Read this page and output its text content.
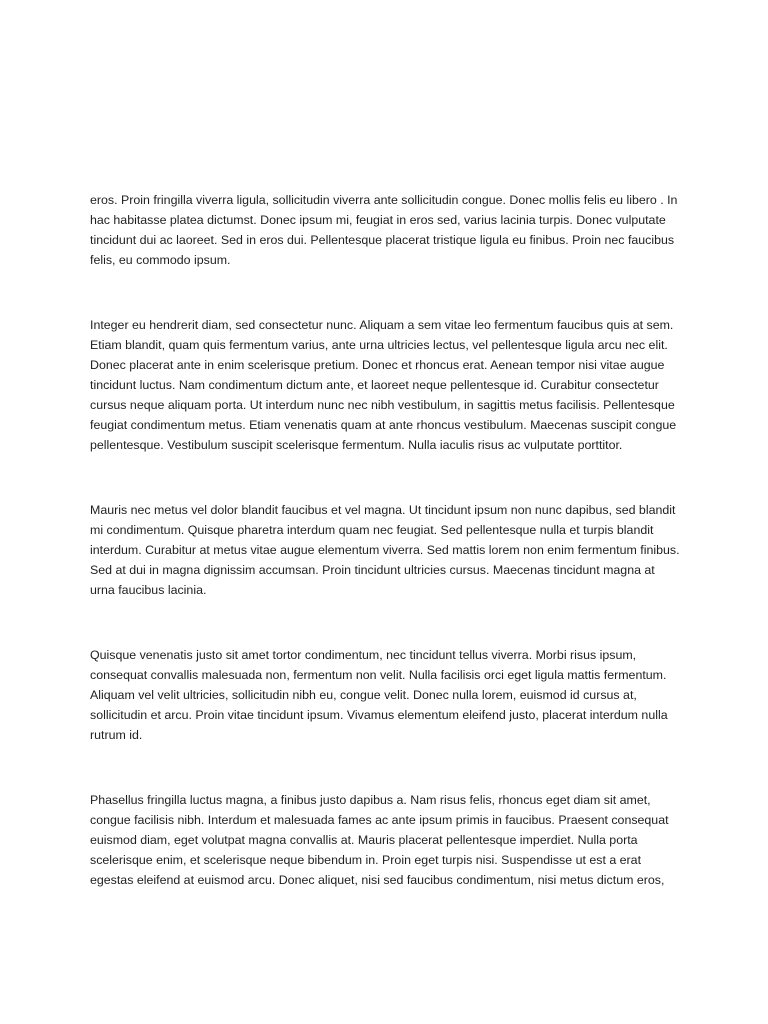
eros. Proin fringilla viverra ligula, sollicitudin viverra ante sollicitudin congue. Donec mollis felis eu libero . In hac habitasse platea dictumst. Donec ipsum mi, feugiat in eros sed, varius lacinia turpis. Donec vulputate tincidunt dui ac laoreet. Sed in eros dui. Pellentesque placerat tristique ligula eu finibus. Proin nec faucibus felis, eu commodo ipsum.

Integer eu hendrerit diam, sed consectetur nunc. Aliquam a sem vitae leo fermentum faucibus quis at sem. Etiam blandit, quam quis fermentum varius, ante urna ultricies lectus, vel pellentesque ligula arcu nec elit. Donec placerat ante in enim scelerisque pretium. Donec et rhoncus erat. Aenean tempor nisi vitae augue tincidunt luctus. Nam condimentum dictum ante, et laoreet neque pellentesque id. Curabitur consectetur cursus neque aliquam porta. Ut interdum nunc nec nibh vestibulum, in sagittis metus facilisis. Pellentesque feugiat condimentum metus. Etiam venenatis quam at ante rhoncus vestibulum. Maecenas suscipit congue pellentesque. Vestibulum suscipit scelerisque fermentum. Nulla iaculis risus ac vulputate porttitor.

Mauris nec metus vel dolor blandit faucibus et vel magna. Ut tincidunt ipsum non nunc dapibus, sed blandit mi condimentum. Quisque pharetra interdum quam nec feugiat. Sed pellentesque nulla et turpis blandit interdum. Curabitur at metus vitae augue elementum viverra. Sed mattis lorem non enim fermentum finibus. Sed at dui in magna dignissim accumsan. Proin tincidunt ultricies cursus. Maecenas tincidunt magna at urna faucibus lacinia.

Quisque venenatis justo sit amet tortor condimentum, nec tincidunt tellus viverra. Morbi risus ipsum, consequat convallis malesuada non, fermentum non velit. Nulla facilisis orci eget ligula mattis fermentum. Aliquam vel velit ultricies, sollicitudin nibh eu, congue velit. Donec nulla lorem, euismod id cursus at, sollicitudin et arcu. Proin vitae tincidunt ipsum. Vivamus elementum eleifend justo, placerat interdum nulla rutrum id.

Phasellus fringilla luctus magna, a finibus justo dapibus a. Nam risus felis, rhoncus eget diam sit amet, congue facilisis nibh. Interdum et malesuada fames ac ante ipsum primis in faucibus. Praesent consequat euismod diam, eget volutpat magna convallis at. Mauris placerat pellentesque imperdiet. Nulla porta scelerisque enim, et scelerisque neque bibendum in. Proin eget turpis nisi. Suspendisse ut est a erat egestas eleifend at euismod arcu. Donec aliquet, nisi sed faucibus condimentum, nisi metus dictum eros,
